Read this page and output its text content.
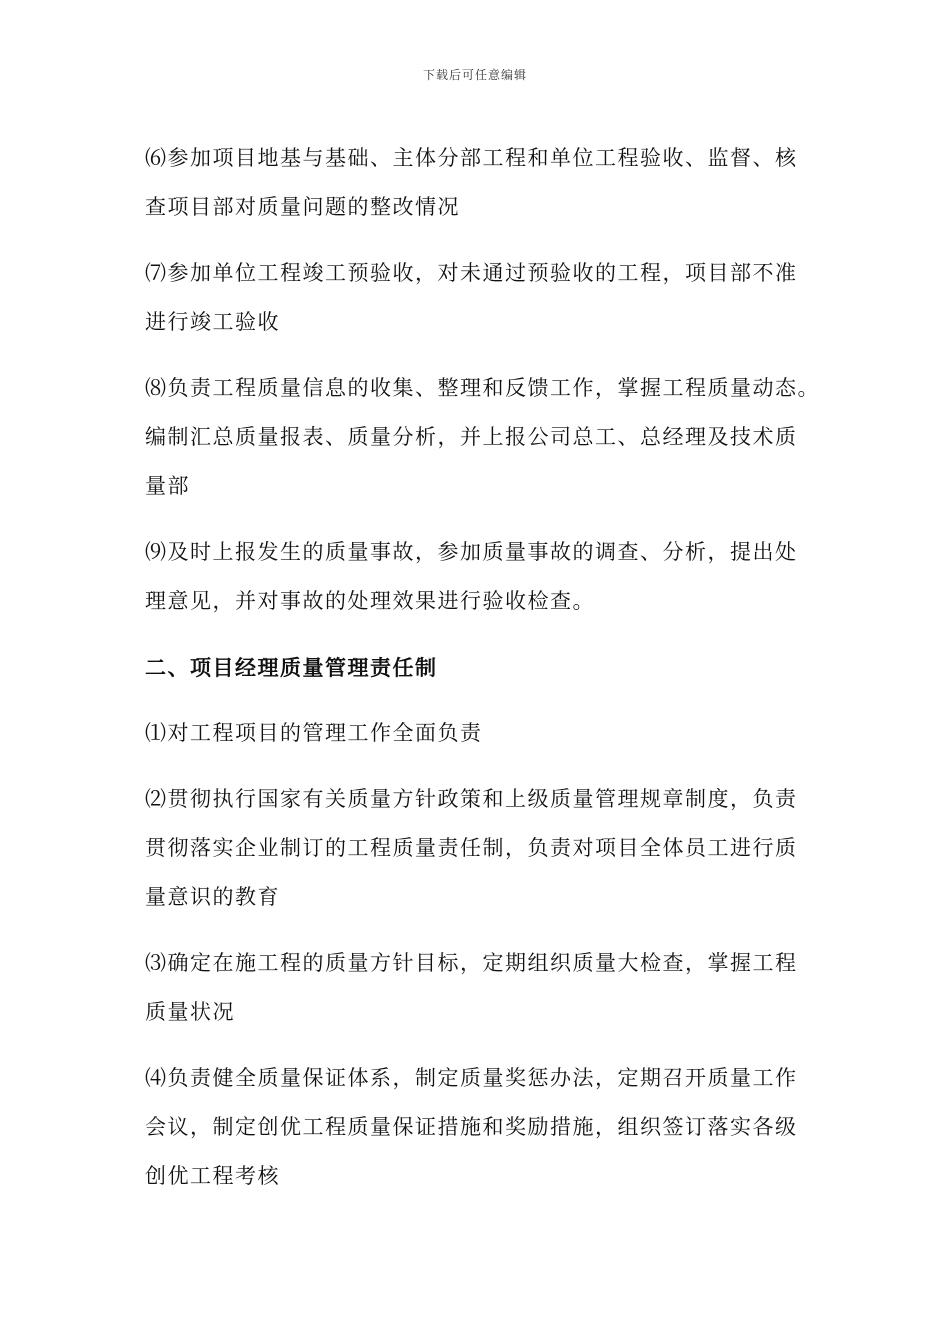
下载后可任意编辑
⑹参加项目地基与基础、主体分部工程和单位工程验收、监督、核
查项目部对质量问题的整改情况
⑺参加单位工程竣工预验收，对未通过预验收的工程，项目部不准
进行竣工验收
⑻负责工程质量信息的收集、整理和反馈工作，掌握工程质量动态。
编制汇总质量报表、质量分析，并上报公司总工、总经理及技术质
量部
⑼及时上报发生的质量事故，参加质量事故的调查、分析，提出处
理意见，并对事故的处理效果进行验收检查。
二、项目经理质量管理责任制
⑴对工程项目的管理工作全面负责
⑵贯彻执行国家有关质量方针政策和上级质量管理规章制度，负责
贯彻落实企业制订的工程质量责任制，负责对项目全体员工进行质
量意识的教育
⑶确定在施工程的质量方针目标，定期组织质量大检查，掌握工程
质量状况
⑷负责健全质量保证体系，制定质量奖惩办法，定期召开质量工作
会议，制定创优工程质量保证措施和奖励措施，组织签订落实各级
创优工程考核
